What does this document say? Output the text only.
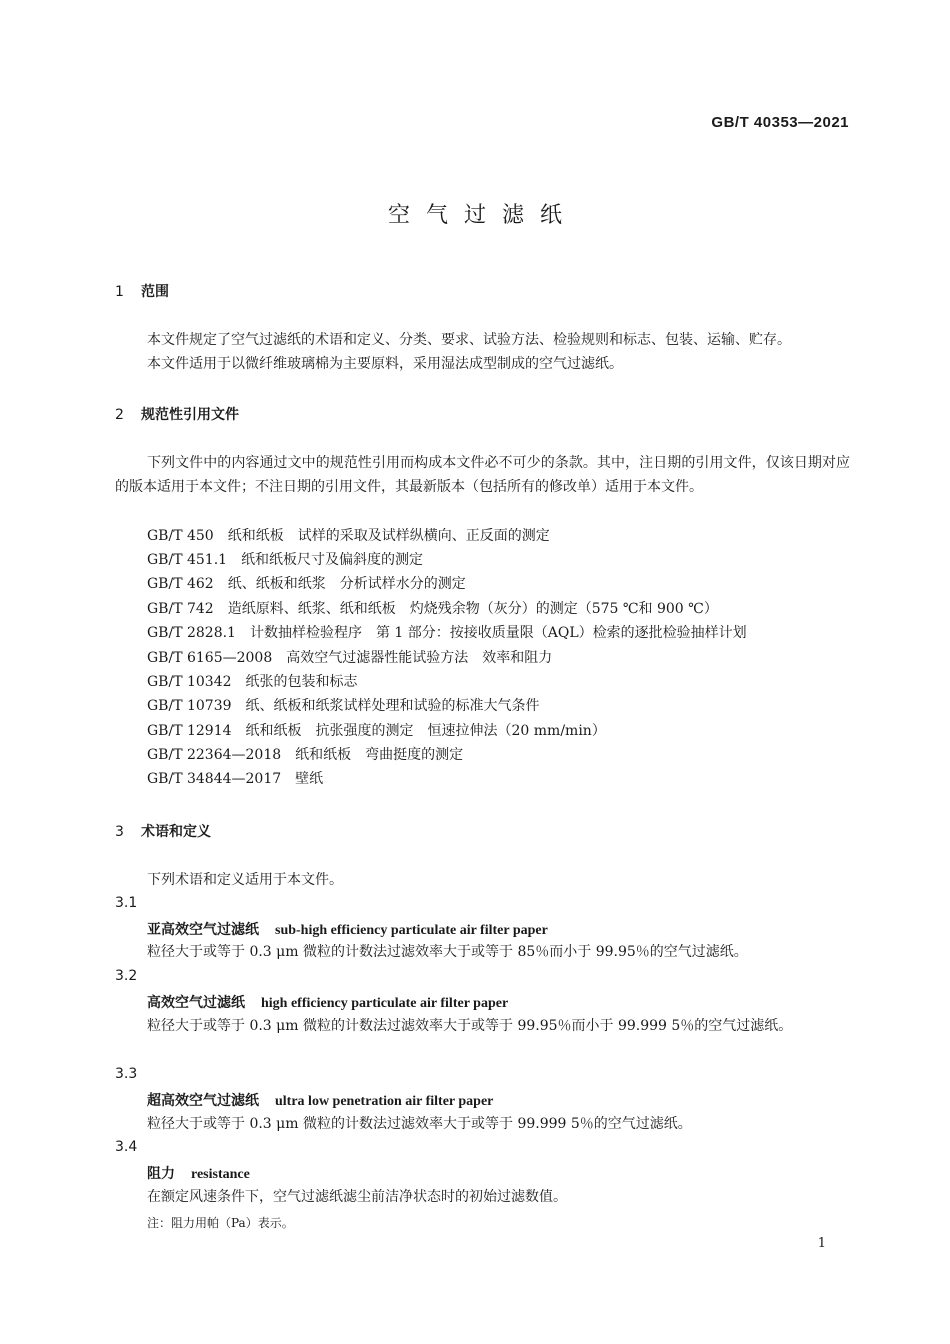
GB/T 40353—2021
空气过滤纸
1 范围
本文件规定了空气过滤纸的术语和定义、分类、要求、试验方法、检验规则和标志、包装、运输、贮存。
本文件适用于以微纤维玻璃棉为主要原料，采用湿法成型制成的空气过滤纸。
2 规范性引用文件
下列文件中的内容通过文中的规范性引用而构成本文件必不可少的条款。其中，注日期的引用文件，仅该日期对应的版本适用于本文件；不注日期的引用文件，其最新版本（包括所有的修改单）适用于本文件。
GB/T 450 纸和纸板　试样的采取及试样纵横向、正反面的测定
GB/T 451.1 纸和纸板尺寸及偏斜度的测定
GB/T 462 纸、纸板和纸浆　分析试样水分的测定
GB/T 742 造纸原料、纸浆、纸和纸板　灼烧残余物（灰分）的测定（575 ℃和 900 ℃）
GB/T 2828.1 计数抽样检验程序　第 1 部分：按接收质量限（AQL）检索的逐批检验抽样计划
GB/T 6165—2008 高效空气过滤器性能试验方法　效率和阻力
GB/T 10342 纸张的包装和标志
GB/T 10739 纸、纸板和纸浆试样处理和试验的标准大气条件
GB/T 12914 纸和纸板　抗张强度的测定　恒速拉伸法（20 mm/min）
GB/T 22364—2018 纸和纸板　弯曲挺度的测定
GB/T 34844—2017 壁纸
3 术语和定义
下列术语和定义适用于本文件。
3.1
亚高效空气过滤纸 sub-high efficiency particulate air filter paper
粒径大于或等于 0.3 μm 微粒的计数法过滤效率大于或等于 85％而小于 99.95％的空气过滤纸。
3.2
高效空气过滤纸 high efficiency particulate air filter paper
粒径大于或等于 0.3 μm 微粒的计数法过滤效率大于或等于 99.95％而小于 99.999 5％的空气过滤纸。
3.3
超高效空气过滤纸 ultra low penetration air filter paper
粒径大于或等于 0.3 μm 微粒的计数法过滤效率大于或等于 99.999 5％的空气过滤纸。
3.4
阻力 resistance
在额定风速条件下，空气过滤纸滤尘前洁净状态时的初始过滤数值。
注：阻力用帕（Pa）表示。
1
